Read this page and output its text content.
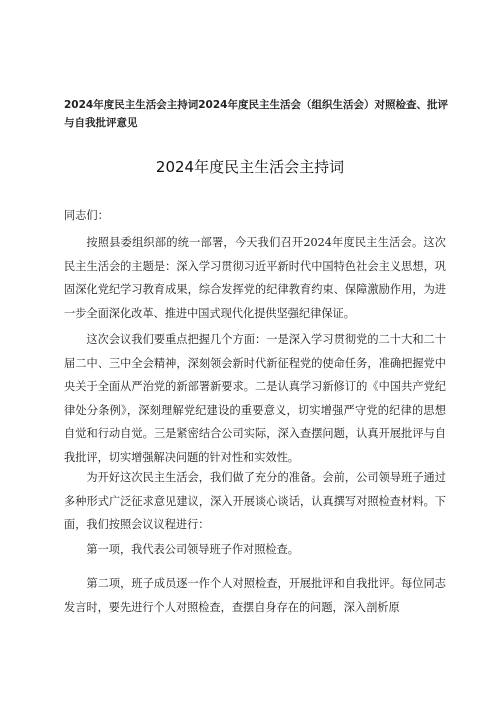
2024年度民主生活会主持词2024年度民主生活会（组织生活会）对照检查、批评与自我批评意见
2024年度民主生活会主持词
同志们：

按照县委组织部的统一部署，今天我们召开2024年度民主生活会。这次民主生活会的主题是：深入学习贯彻习近平新时代中国特色社会主义思想，巩固深化党纪学习教育成果，综合发挥党的纪律教育约束、保障激励作用，为进一步全面深化改革、推进中国式现代化提供坚强纪律保证。

这次会议我们要重点把握几个方面：一是深入学习贯彻党的二十大和二十届二中、三中全会精神，深刻领会新时代新征程党的使命任务，准确把握党中央关于全面从严治党的新部署新要求。二是认真学习新修订的《中国共产党纪律处分条例》，深刻理解党纪建设的重要意义，切实增强严守党的纪律的思想自觉和行动自觉。三是紧密结合公司实际，深入查摆问题，认真开展批评与自我批评，切实增强解决问题的针对性和实效性。

为开好这次民主生活会，我们做了充分的准备。会前，公司领导班子通过多种形式广泛征求意见建议，深入开展谈心谈话，认真撰写对照检查材料。下面，我们按照会议议程进行：

第一项，我代表公司领导班子作对照检查。

第二项，班子成员逐一作个人对照检查，开展批评和自我批评。每位同志发言时，要先进行个人对照检查，查摆自身存在的问题，深入剖析原
